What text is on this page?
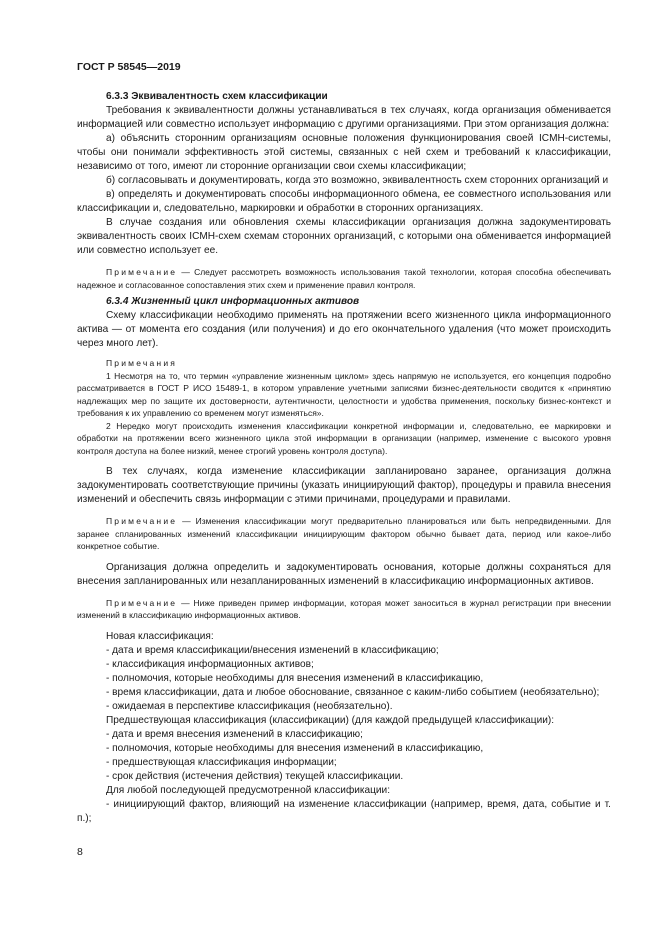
ГОСТ Р 58545—2019

6.3.3 Эквивалентность схем классификации

Требования к эквивалентности должны устанавливаться в тех случаях, когда организация обменивается информацией или совместно использует информацию с другими организациями. При этом организация должна:

а) объяснить сторонним организациям основные положения функционирования своей ICMH-системы, чтобы они понимали эффективность этой системы, связанных с ней схем и требований к классификации, независимо от того, имеют ли сторонние организации свои схемы классификации;

б) согласовывать и документировать, когда это возможно, эквивалентность схем сторонних организаций и

в) определять и документировать способы информационного обмена, ее совместного использования или классификации и, следовательно, маркировки и обработки в сторонних организациях.

В случае создания или обновления схемы классификации организация должна задокументировать эквивалентность своих ICMH-схем схемам сторонних организаций, с которыми она обменивается информацией или совместно использует ее.

Примечание — Следует рассмотреть возможность использования такой технологии, которая способна обеспечивать надежное и согласованное сопоставления этих схем и применение правил контроля.

6.3.4 Жизненный цикл информационных активов

Схему классификации необходимо применять на протяжении всего жизненного цикла информационного актива — от момента его создания (или получения) и до его окончательного удаления (что может происходить через много лет).

Примечания

1 Несмотря на то, что термин «управление жизненным циклом» здесь напрямую не используется, его концепция подробно рассматривается в ГОСТ Р ИСО 15489-1, в котором управление учетными записями бизнес-деятельности сводится к «принятию надлежащих мер по защите их достоверности, аутентичности, целостности и удобства применения, поскольку бизнес-контекст и требования к их управлению со временем могут изменяться».

2 Нередко могут происходить изменения классификации конкретной информации и, следовательно, ее маркировки и обработки на протяжении всего жизненного цикла этой информации в организации (например, изменение с высокого уровня контроля доступа на более низкий, менее строгий уровень контроля доступа).

В тех случаях, когда изменение классификации запланировано заранее, организация должна задокументировать соответствующие причины (указать инициирующий фактор), процедуры и правила внесения изменений и обеспечить связь информации с этими причинами, процедурами и правилами.

Примечание — Изменения классификации могут предварительно планироваться или быть непредвиденными. Для заранее спланированных изменений классификации инициирующим фактором обычно бывает дата, период или какое-либо конкретное событие.

Организация должна определить и задокументировать основания, которые должны сохраняться для внесения запланированных или незапланированных изменений в классификацию информационных активов.

Примечание — Ниже приведен пример информации, которая может заноситься в журнал регистрации при внесении изменений в классификацию информационных активов.

Новая классификация:

- дата и время классификации/внесения изменений в классификацию;

- классификация информационных активов;

- полномочия, которые необходимы для внесения изменений в классификацию,

- время классификации, дата и любое обоснование, связанное с каким-либо событием (необязательно);

- ожидаемая в перспективе классификация (необязательно).

Предшествующая классификация (классификации) (для каждой предыдущей классификации):

- дата и время внесения изменений в классификацию;

- полномочия, которые необходимы для внесения изменений в классификацию,

- предшествующая классификация информации;

- срок действия (истечения действия) текущей классификации.

Для любой последующей предусмотренной классификации:

- инициирующий фактор, влияющий на изменение классификации (например, время, дата, событие и т. п.);

8
